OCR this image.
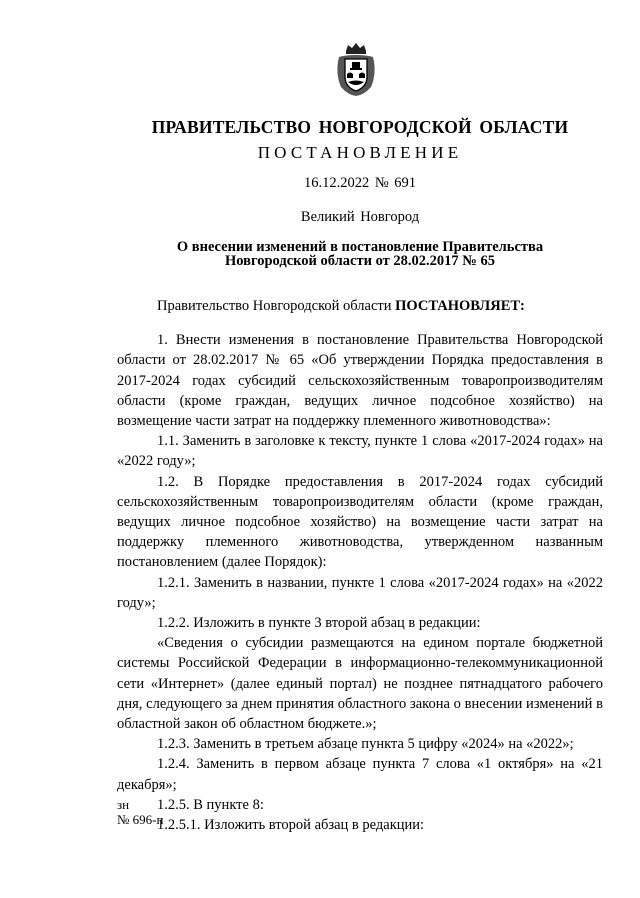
ПРАВИТЕЛЬСТВО НОВГОРОДСКОЙ ОБЛАСТИ
ПОСТАНОВЛЕНИЕ
16.12.2022 № 691
Великий Новгород
О внесении изменений в постановление Правительства Новгородской области от 28.02.2017 № 65

Правительство Новгородской области ПОСТАНОВЛЯЕТ:

1. Внести изменения в постановление Правительства Новгородской области от 28.02.2017 № 65 «Об утверждении Порядка предоставления в 2017-2024 годах субсидий сельскохозяйственным товаропроизводителям области (кроме граждан, ведущих личное подсобное хозяйство) на возмещение части затрат на поддержку племенного животноводства»:

1.1. Заменить в заголовке к тексту, пункте 1 слова «2017-2024 годах» на «2022 году»;

1.2. В Порядке предоставления в 2017-2024 годах субсидий сельскохозяйственным товаропроизводителям области (кроме граждан, ведущих личное подсобное хозяйство) на возмещение части затрат на поддержку племенного животноводства, утвержденном названным постановлением (далее Порядок):

1.2.1. Заменить в названии, пункте 1 слова «2017-2024 годах» на «2022 году»;

1.2.2. Изложить в пункте 3 второй абзац в редакции:

«Сведения о субсидии размещаются на едином портале бюджетной системы Российской Федерации в информационно-телекоммуникационной сети «Интернет» (далее единый портал) не позднее пятнадцатого рабочего дня, следующего за днем принятия областного закона о внесении изменений в областной закон об областном бюджете.»;

1.2.3. Заменить в третьем абзаце пункта 5 цифру «2024» на «2022»;

1.2.4. Заменить в первом абзаце пункта 7 слова «1 октября» на «21 декабря»;

1.2.5. В пункте 8:

1.2.5.1. Изложить второй абзац в редакции:

зн
№ 696-п
